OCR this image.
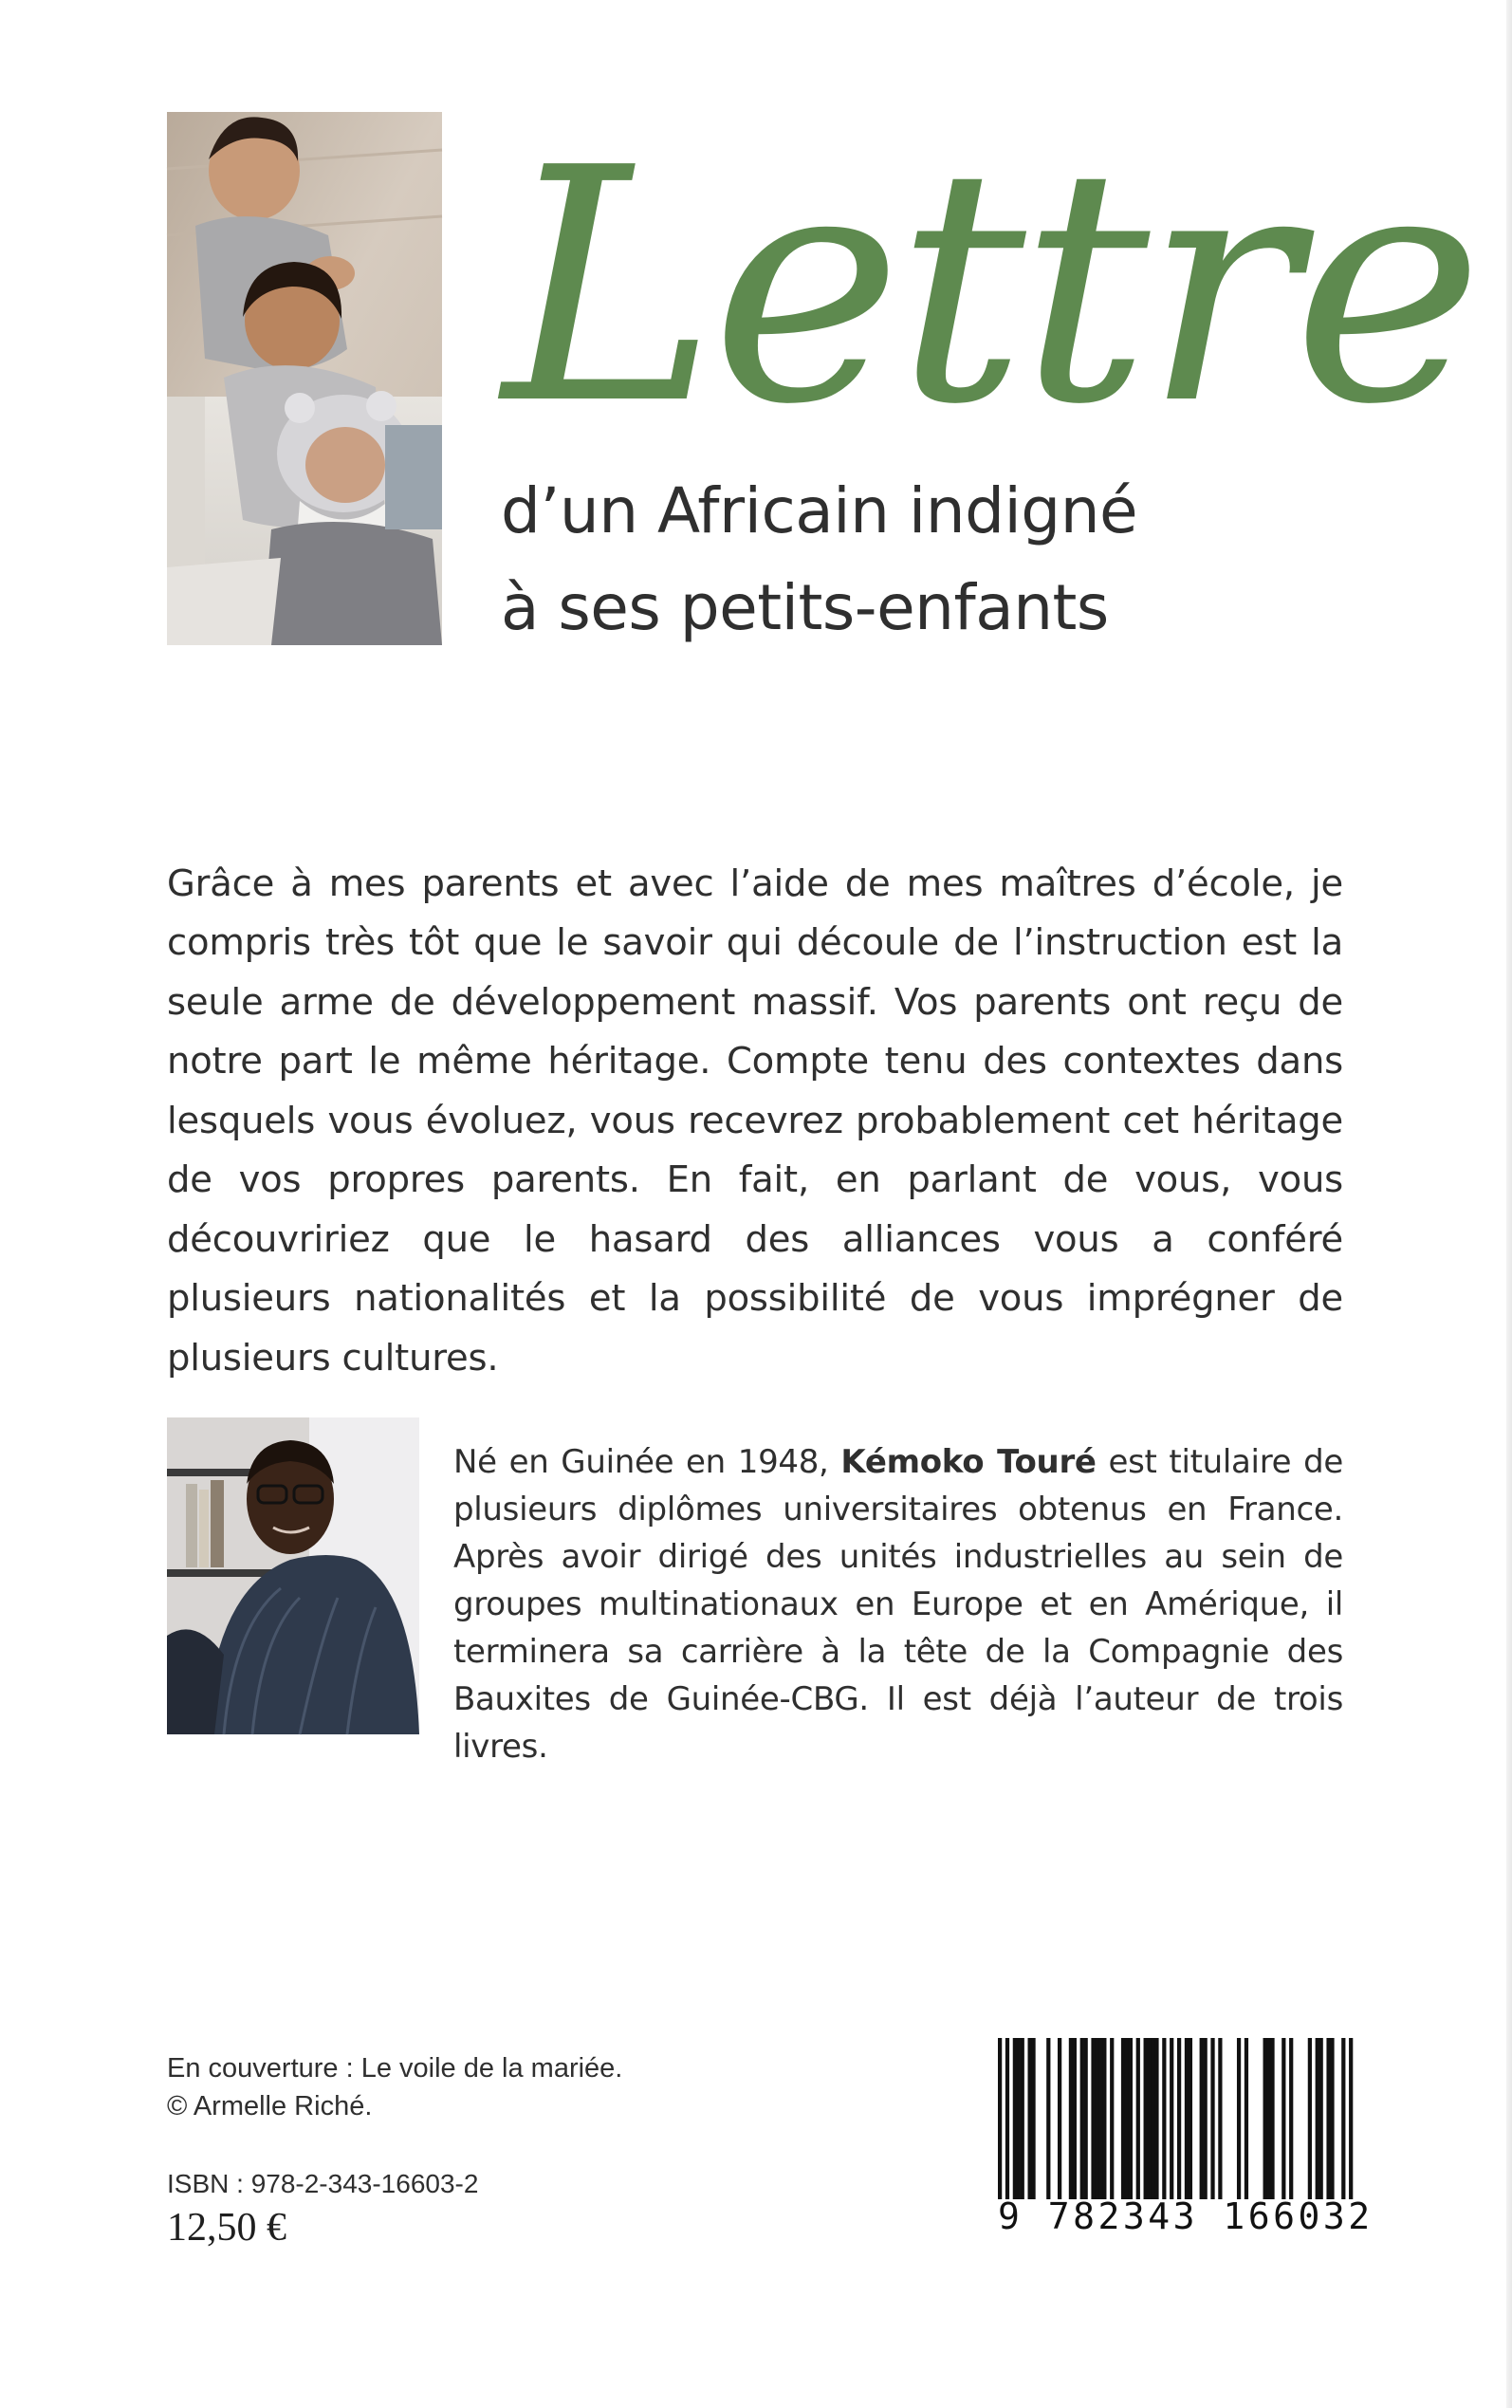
Lettre
d’un Africain indigné
à ses petits-enfants

Grâce à mes parents et avec l’aide de mes maîtres d’école, je compris très tôt que le savoir qui découle de l’instruction est la seule arme de développement massif. Vos parents ont reçu de notre part le même héritage. Compte tenu des contextes dans lesquels vous évoluez, vous recevrez probablement cet héritage de vos propres parents. En fait, en parlant de vous, vous découvririez que le hasard des alliances vous a conféré plusieurs nationalités et la possibilité de vous imprégner de plusieurs cultures.

Né en Guinée en 1948, Kémoko Touré est titulaire de plusieurs diplômes universitaires obtenus en France. Après avoir dirigé des unités industrielles au sein de groupes multinationaux en Europe et en Amérique, il terminera sa carrière à la tête de la Compagnie des Bauxites de Guinée-CBG. Il est déjà l’auteur de trois livres.

En couverture : Le voile de la mariée.
© Armelle Riché.
ISBN : 978-2-343-16603-2
12,50 €	9 782343 166032
